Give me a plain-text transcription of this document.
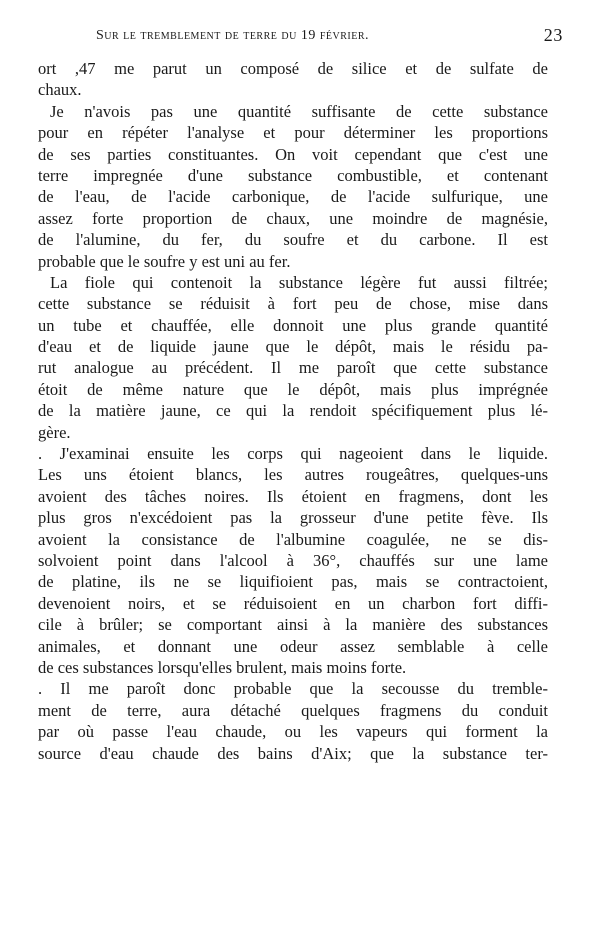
Sur le tremblement de terre du 19 février.	23
ort ,47 me parut un composé de silice et de sulfate de
chaux.
Je n'avois pas une quantité suffisante de cette substance
pour en répéter l'analyse et pour déterminer les proportions
de ses parties constituantes. On voit cependant que c'est une
terre impregnée d'une substance combustible, et contenant
de l'eau, de l'acide carbonique, de l'acide sulfurique, une
assez forte proportion de chaux, une moindre de magnésie,
de l'alumine, du fer, du soufre et du carbone. Il est
probable que le soufre y est uni au fer.
La fiole qui contenoit la substance légère fut aussi filtrée;
cette substance se réduisit à fort peu de chose, mise dans
un tube et chauffée, elle donnoit une plus grande quantité
d'eau et de liquide jaune que le dépôt, mais le résidu pa-
rut analogue au précédent. Il me paroît que cette substance
étoit de même nature que le dépôt, mais plus imprégnée
de la matière jaune, ce qui la rendoit spécifiquement plus lé-
gère.
. J'examinai ensuite les corps qui nageoient dans le liquide.
Les uns étoient blancs, les autres rougeâtres, quelques-uns
avoient des tâches noires. Ils étoient en fragmens, dont les
plus gros n'excédoient pas la grosseur d'une petite fève. Ils
avoient la consistance de l'albumine coagulée, ne se dis-
solvoient point dans l'alcool à 36°, chauffés sur une lame
de platine, ils ne se liquifioient pas, mais se contractoient,
devenoient noirs, et se réduisoient en un charbon fort diffi-
cile à brûler; se comportant ainsi à la manière des substances
animales, et donnant une odeur assez semblable à celle
de ces substances lorsqu'elles brulent, mais moins forte.
. Il me paroît donc probable que la secousse du tremble-
ment de terre, aura détaché quelques fragmens du conduit
par où passe l'eau chaude, ou les vapeurs qui forment la
source d'eau chaude des bains d'Aix; que la substance ter-
